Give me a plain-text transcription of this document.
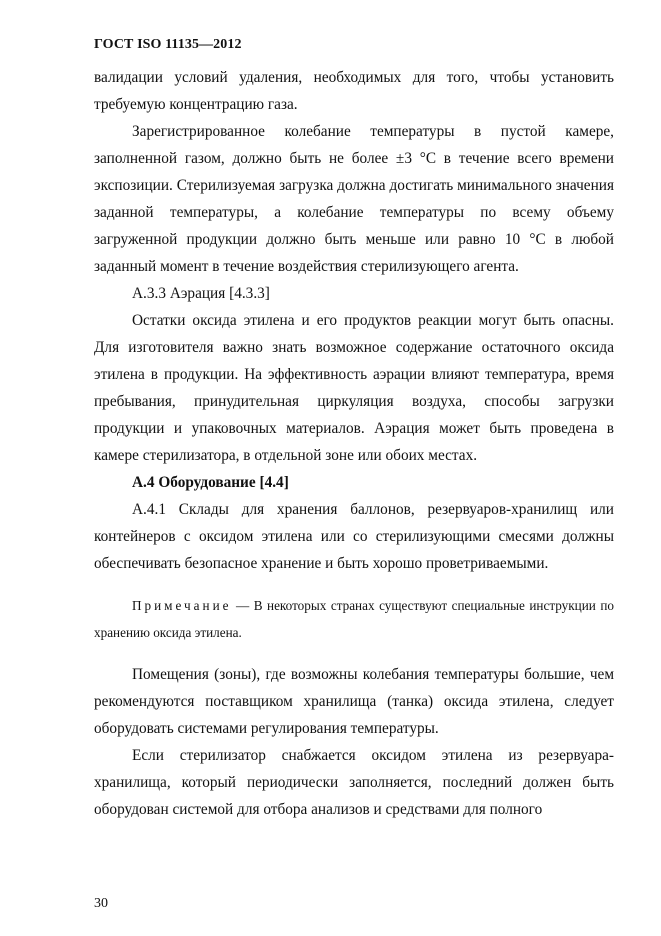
ГОСТ ISO 11135—2012

валидации условий удаления, необходимых для того, чтобы установить требуемую концентрацию газа.

Зарегистрированное колебание температуры в пустой камере, заполненной газом, должно быть не более ±3 °С в течение всего времени экспозиции. Стерилизуемая загрузка должна достигать минимального значения заданной температуры, а колебание температуры по всему объему загруженной продукции должно быть меньше или равно 10 °С в любой заданный момент в течение воздействия стерилизующего агента.

А.3.3 Аэрация [4.3.3]

Остатки оксида этилена и его продуктов реакции могут быть опасны. Для изготовителя важно знать возможное содержание остаточного оксида этилена в продукции. На эффективность аэрации влияют температура, время пребывания, принудительная циркуляция воздуха, способы загрузки продукции и упаковочных материалов. Аэрация может быть проведена в камере стерилизатора, в отдельной зоне или обоих местах.

А.4 Оборудование [4.4]

А.4.1 Склады для хранения баллонов, резервуаров-хранилищ или контейнеров с оксидом этилена или со стерилизующими смесями должны обеспечивать безопасное хранение и быть хорошо проветриваемыми.

Примечание — В некоторых странах существуют специальные инструкции по хранению оксида этилена.

Помещения (зоны), где возможны колебания температуры большие, чем рекомендуются поставщиком хранилища (танка) оксида этилена, следует оборудовать системами регулирования температуры.

Если стерилизатор снабжается оксидом этилена из резервуара-хранилища, который периодически заполняется, последний должен быть оборудован системой для отбора анализов и средствами для полного

30
